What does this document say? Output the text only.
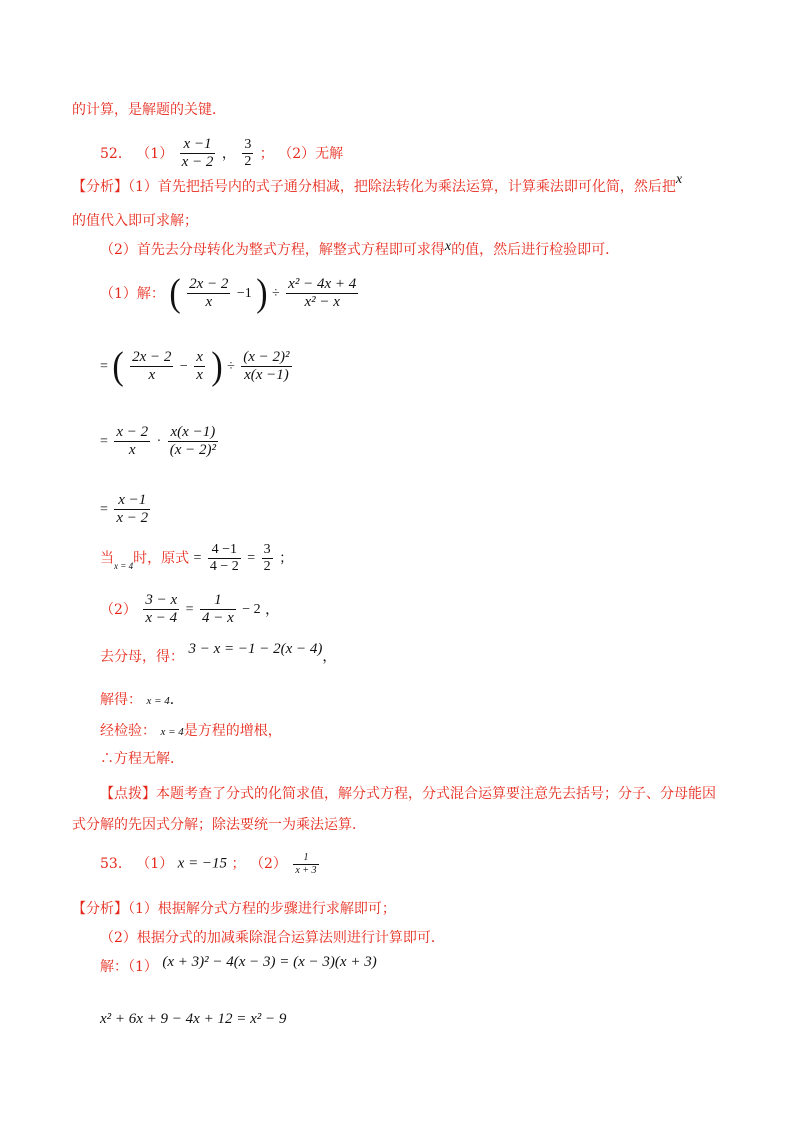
的计算，是解题的关键．
52． $(1) \frac{x -1}{x - 2}$ ， $\frac{3}{2}$ ； （2）无解
【分析】（1）首先把括号内的式子通分相减，把除法转化为乘法运算，计算乘法即可化简，然后把x
的值代入即可求解；
（2）首先去分母转化为整式方程，解整式方程即可求得x的值，然后进行检验即可．
（1）解： ( $\frac{2x - 2}{x} -1$ ) ÷ $\frac{\text{x² − 4x + 4}}{\text{x² − x}}$
= ( $\frac{2x - 2}{x} - \frac{x}{x}$ ) ÷ $\frac{\text{(x − 2)²}}{x(x -1)}$
= $\frac{x - 2}{x} \cdot \frac{x(x -1)}{\text{(x − 2)²}}$
= $\frac{x -1}{x - 2}$
当$_{x = 4}$时，原式 = $\frac{4 -1}{4 - 2} = \frac{3}{2}$ ；
$(2) \frac{3 - x}{x - 4} = \frac{1}{4 - x} - 2$ ，
去分母，得： 3 − x = −1 − 2(x − 4)，
解得： x = 4．
经检验： x = 4是方程的增根，
∴方程无解．
【点拨】本题考查了分式的化简求值，解分式方程，分式混合运算要注意先去括号；分子、分母能因
式分解的先因式分解；除法要统一为乘法运算．
53． （1） x = −15 ； $(2) \frac{1}{x + 3}$
【分析】（1）根据解分式方程的步骤进行求解即可；
（2）根据分式的加减乘除混合运算法则进行计算即可．
解：（1） (x + 3)² − 4(x − 3) = (x − 3)(x + 3)
x² + 6x + 9 − 4x + 12 = x² − 9
